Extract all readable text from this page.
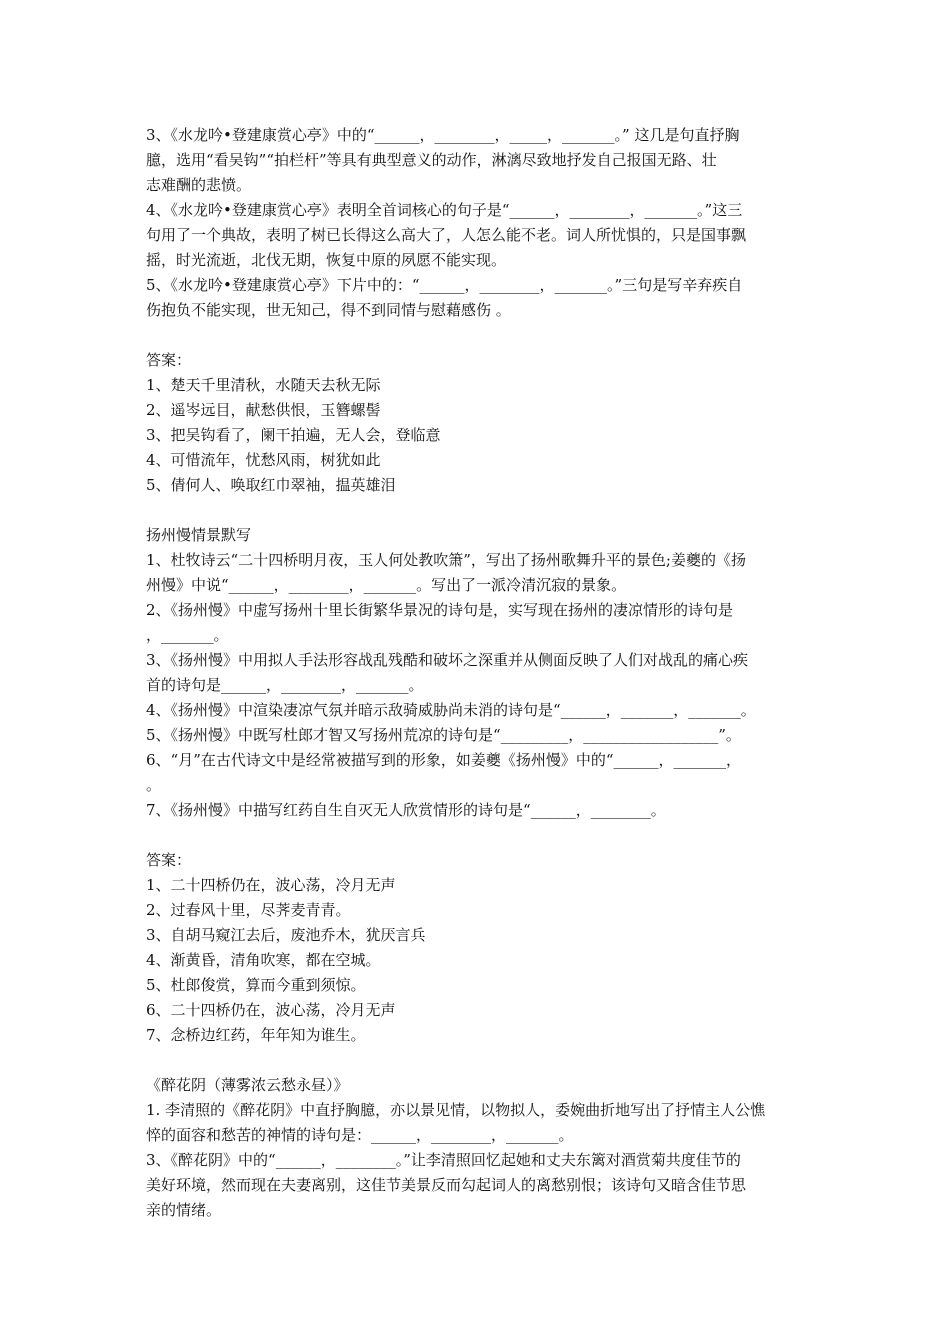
3、《水龙吟•登建康赏心亭》中的“______，________，_____，_______。” 这几是句直抒胸
臆，选用“看吴钩”“拍栏杆”等具有典型意义的动作，淋漓尽致地抒发自己报国无路、壮
志难酬的悲愤。
4、《水龙吟•登建康赏心亭》表明全首词核心的句子是“______，________，_______。”这三
句用了一个典故，表明了树已长得这么高大了，人怎么能不老。词人所忧惧的，只是国事飘
摇，时光流逝，北伐无期，恢复中原的夙愿不能实现。
5、《水龙吟•登建康赏心亭》下片中的：“______，________，_______。”三句是写辛弃疾自
伤抱负不能实现，世无知己，得不到同情与慰藉感伤 。
答案：
1、楚天千里清秋，水随天去秋无际
2、遥岑远目，献愁供恨，玉簪螺髻
3、把吴钩看了，阑干拍遍，无人会，登临意
4、可惜流年，忧愁风雨，树犹如此
5、倩何人、唤取红巾翠袖，揾英雄泪
扬州慢情景默写
1、杜牧诗云“二十四桥明月夜，玉人何处教吹箫”，写出了扬州歌舞升平的景色;姜夔的《扬
州慢》中说“______，________，_______。写出了一派冷清沉寂的景象。
2、《扬州慢》中虚写扬州十里长街繁华景况的诗句是，实写现在扬州的凄凉情形的诗句是
，_______。
3、《扬州慢》中用拟人手法形容战乱残酷和破坏之深重并从侧面反映了人们对战乱的痛心疾
首的诗句是______，________，_______。
4、《扬州慢》中渲染凄凉气氛并暗示敌骑威胁尚未消的诗句是“______，_______，_______。
5、《扬州慢》中既写杜郎才智又写扬州荒凉的诗句是“_________，__________________”。
6、“月”在古代诗文中是经常被描写到的形象，如姜夔《扬州慢》中的“______，_______，
。
7、《扬州慢》中描写红药自生自灭无人欣赏情形的诗句是“______，________。
答案：
1、二十四桥仍在，波心荡，冷月无声
2、过春风十里，尽荠麦青青。
3、自胡马窥江去后，废池乔木，犹厌言兵
4、渐黄昏，清角吹寒，都在空城。
5、杜郎俊赏，算而今重到须惊。
6、二十四桥仍在，波心荡，冷月无声
7、念桥边红药，年年知为谁生。
《醉花阴（薄雾浓云愁永昼）》
1. 李清照的《醉花阴》中直抒胸臆，亦以景见情，以物拟人，委婉曲折地写出了抒情主人公憔
悴的面容和愁苦的神情的诗句是：______，________，_______。
3、《醉花阴》中的“______，________。”让李清照回忆起她和丈夫东篱对酒赏菊共度佳节的
美好环境，然而现在夫妻离别，这佳节美景反而勾起词人的离愁别恨；该诗句又暗含佳节思
亲的情绪。
